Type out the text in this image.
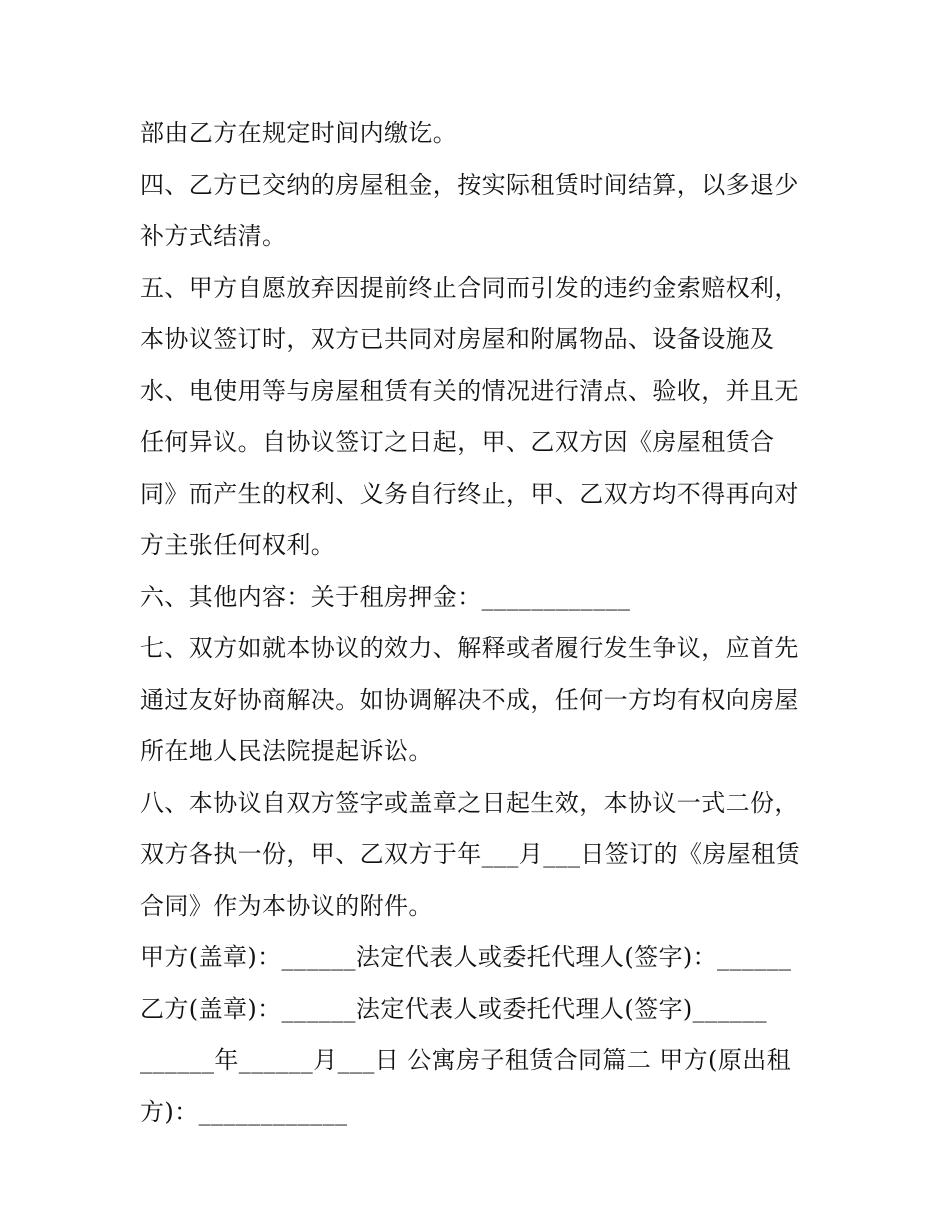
部由乙方在规定时间内缴讫。
四、乙方已交纳的房屋租金，按实际租赁时间结算，以多退少
补方式结清。
五、甲方自愿放弃因提前终止合同而引发的违约金索赔权利，
本协议签订时，双方已共同对房屋和附属物品、设备设施及
水、电使用等与房屋租赁有关的情况进行清点、验收，并且无
任何异议。自协议签订之日起，甲、乙双方因《房屋租赁合
同》而产生的权利、义务自行终止，甲、乙双方均不得再向对
方主张任何权利。
六、其他内容：关于租房押金：____________
七、双方如就本协议的效力、解释或者履行发生争议，应首先
通过友好协商解决。如协调解决不成，任何一方均有权向房屋
所在地人民法院提起诉讼。
八、本协议自双方签字或盖章之日起生效，本协议一式二份，
双方各执一份，甲、乙双方于年___月___日签订的《房屋租赁
合同》作为本协议的附件。
甲方(盖章)：______法定代表人或委托代理人(签字)：______
乙方(盖章)：______法定代表人或委托代理人(签字)______
______年______月___日 公寓房子租赁合同篇二 甲方(原出租
方)：____________
